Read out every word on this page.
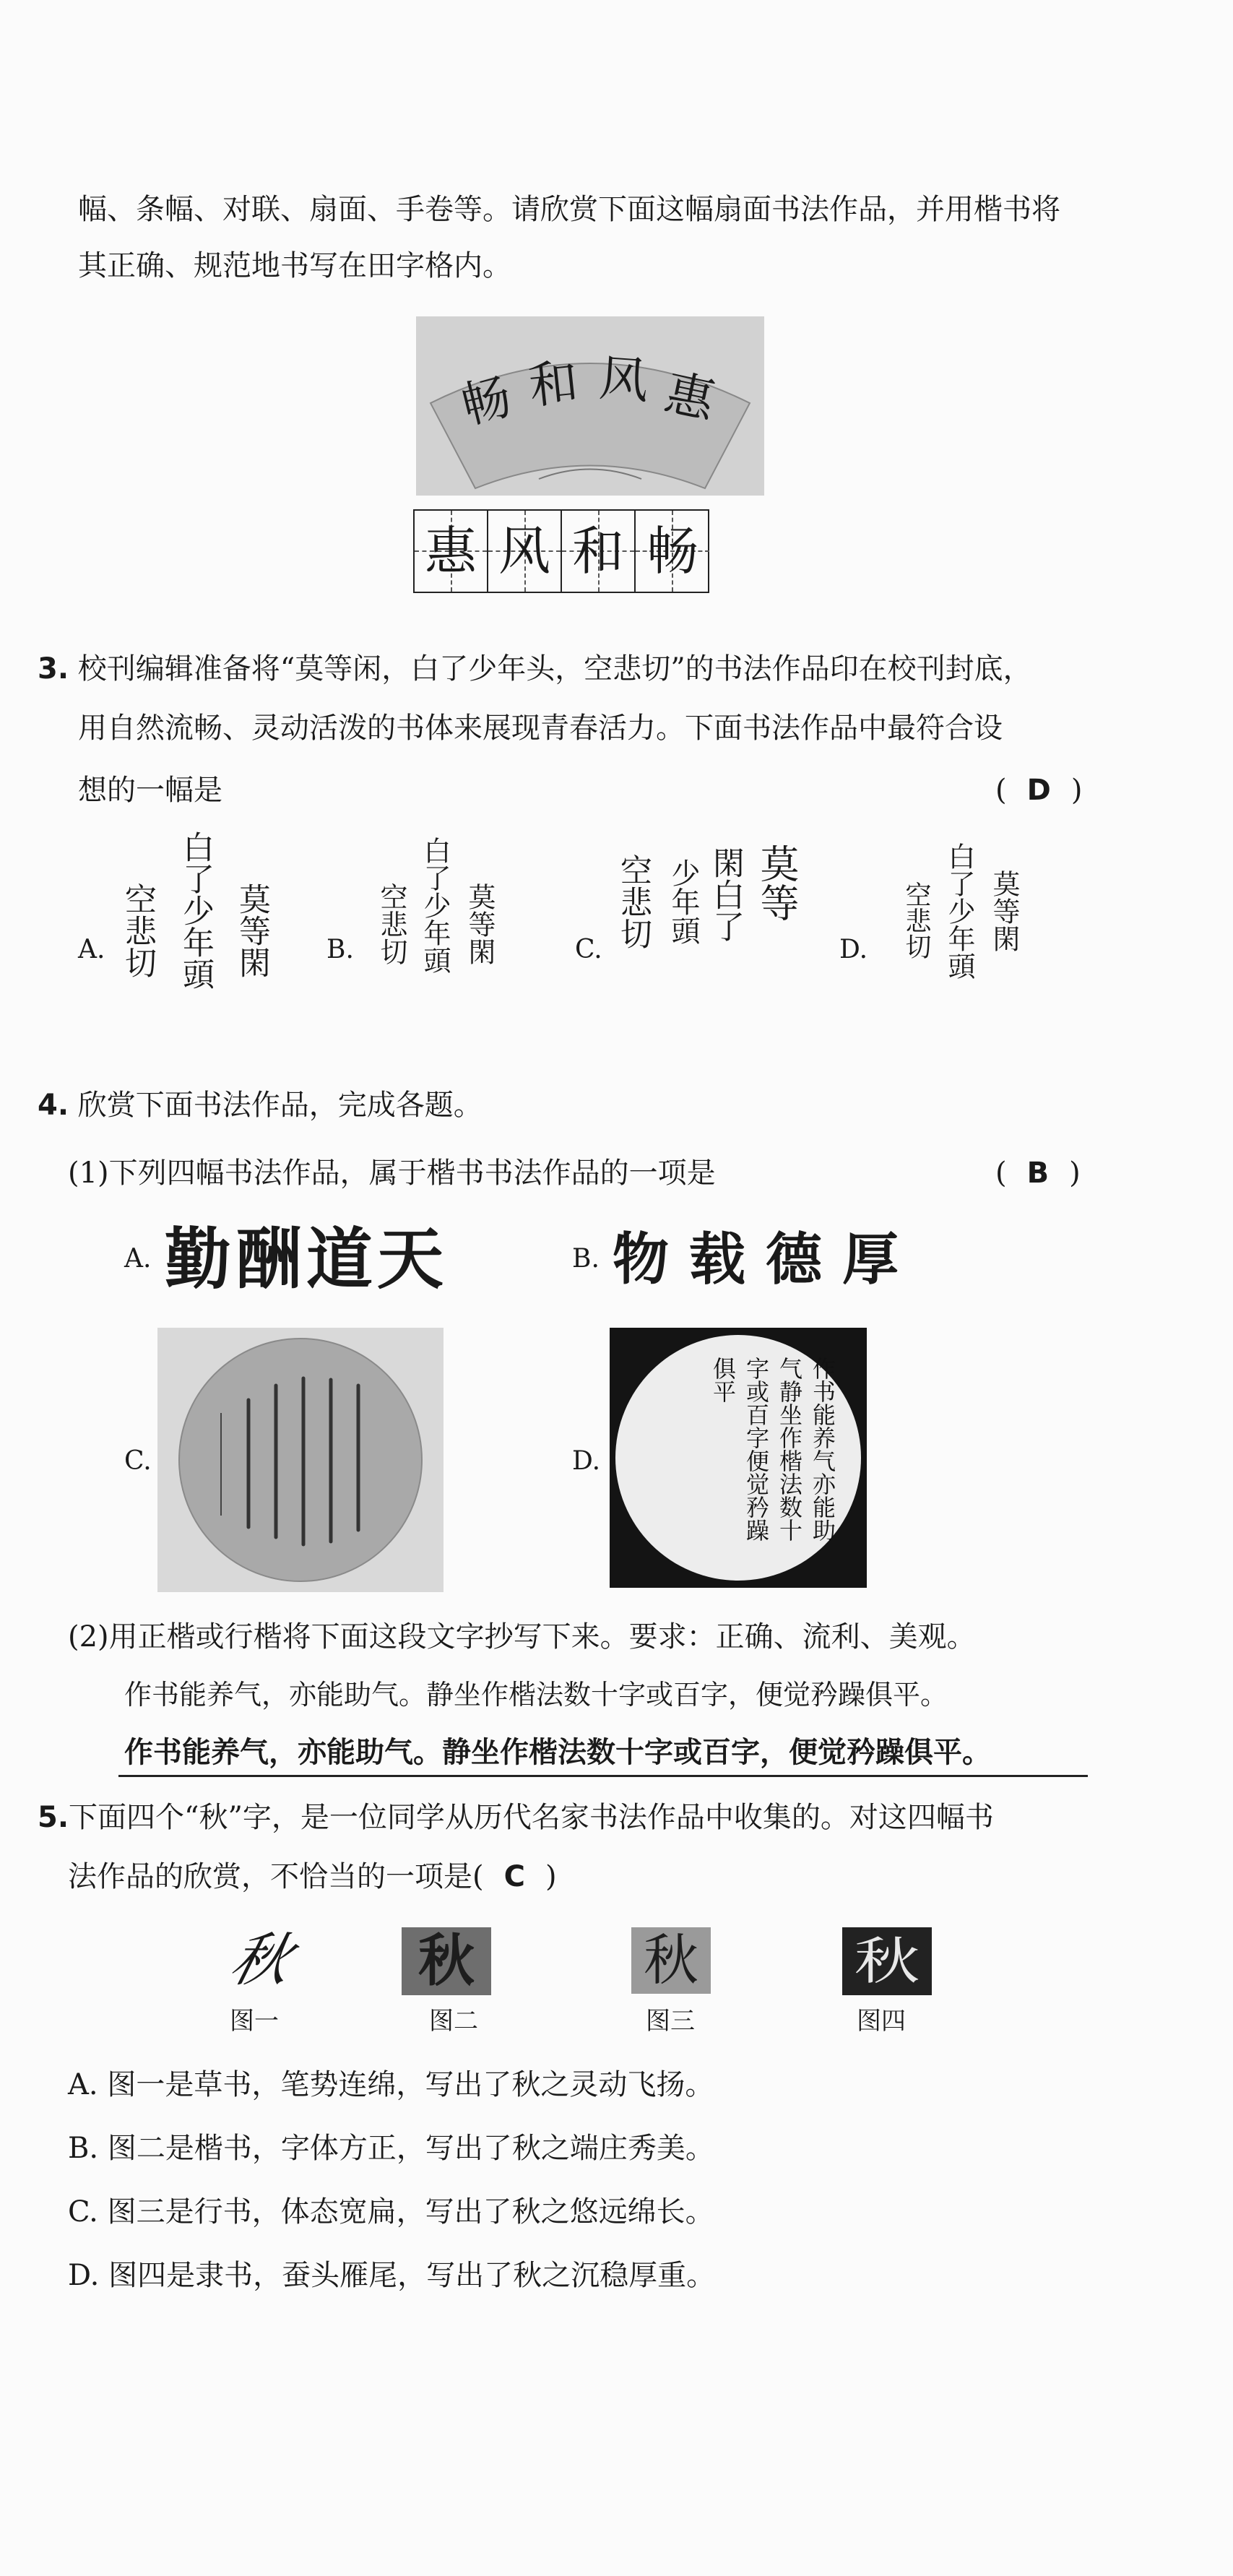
幅、条幅、对联、扇面、手卷等。请欣赏下面这幅扇面书法作品，并用楷书将
其正确、规范地书写在田字格内。
惠
风
和
畅
惠 风 和 畅
3. 校刊编辑准备将“莫等闲，白了少年头，空悲切”的书法作品印在校刊封底，
用自然流畅、灵动活泼的书体来展现青春活力。下面书法作品中最符合设
想的一幅是	( D )
A.	莫等閑
白了少年頭
空悲切	B.	莫等閑
白了少年頭
空悲切	C.
莫等
閑白了
少年頭
空悲切
D.	莫等閑
白了少年頭
空悲切
4. 欣赏下面书法作品，完成各题。
(1)下列四幅书法作品，属于楷书书法作品的一项是	( B )
A. 勤酬道天	B. 物载德厚
C.	D.	作书能养气亦能助气静坐作楷法数十字或百字便觉矜躁俱平
(2)用正楷或行楷将下面这段文字抄写下来。要求：正确、流利、美观。
作书能养气，亦能助气。静坐作楷法数十字或百字，便觉矜躁俱平。
作书能养气，亦能助气。静坐作楷法数十字或百字，便觉矜躁俱平。
5.下面四个“秋”字，是一位同学从历代名家书法作品中收集的。对这四幅书
法作品的欣赏，不恰当的一项是( C )
秋 秋	秋	秋
图一	图二	图三	图四
A. 图一是草书，笔势连绵，写出了秋之灵动飞扬。
B. 图二是楷书，字体方正，写出了秋之端庄秀美。
C. 图三是行书，体态宽扁，写出了秋之悠远绵长。
D. 图四是隶书，蚕头雁尾，写出了秋之沉稳厚重。
